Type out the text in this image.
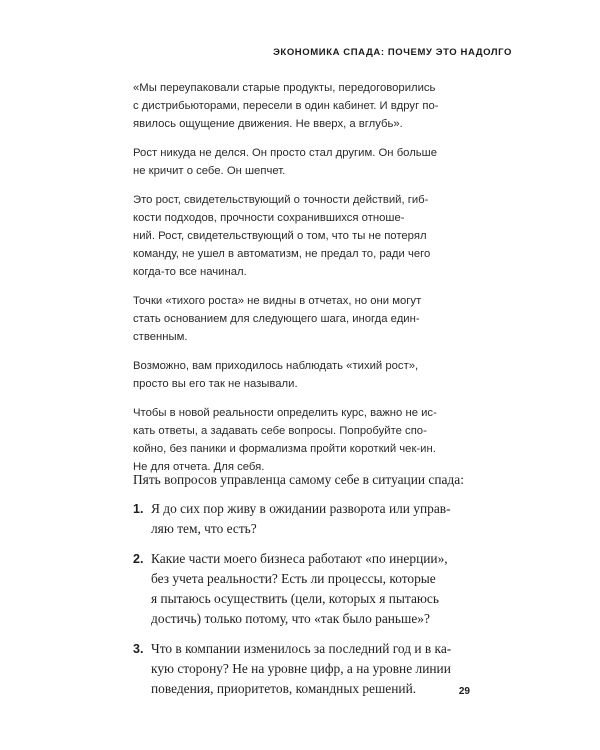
ЭКОНОМИКА СПАДА: ПОЧЕМУ ЭТО НАДОЛГО

«Мы переупаковали старые продукты, передоговорились
с дистрибьюторами, пересели в один кабинет. И вдруг по-
явилось ощущение движения. Не вверх, а вглубь».

Рост никуда не делся. Он просто стал другим. Он больше
не кричит о себе. Он шепчет.

Это рост, свидетельствующий о точности действий, гиб-
кости подходов, прочности сохранившихся отноше-
ний. Рост, свидетельствующий о том, что ты не потерял
команду, не ушел в автоматизм, не предал то, ради чего
когда-то все начинал.

Точки «тихого роста» не видны в отчетах, но они могут
стать основанием для следующего шага, иногда един-
ственным.

Возможно, вам приходилось наблюдать «тихий рост»,
просто вы его так не называли.

Чтобы в новой реальности определить курс, важно не ис-
кать ответы, а задавать себе вопросы. Попробуйте спо-
койно, без паники и формализма пройти короткий чек-ин.
Не для отчета. Для себя.

Пять вопросов управленца самому себе в ситуации спада:

1. Я до сих пор живу в ожидании разворота или управ-
ляю тем, что есть?
2. Какие части моего бизнеса работают «по инерции»,
без учета реальности? Есть ли процессы, которые
я пытаюсь осуществить (цели, которых я пытаюсь
достичь) только потому, что «так было раньше»?
3. Что в компании изменилось за последний год и в ка-
кую сторону? Не на уровне цифр, а на уровне линии
поведения, приоритетов, командных решений.	29
